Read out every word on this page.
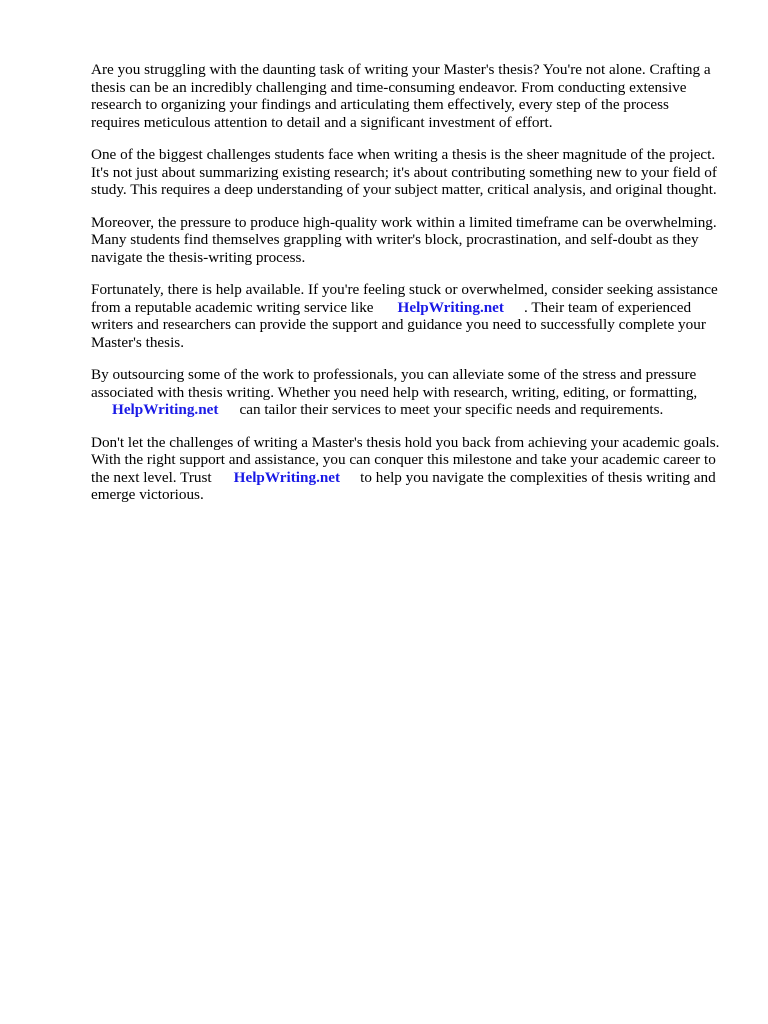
Are you struggling with the daunting task of writing your Master's thesis? You're not alone. Crafting a thesis can be an incredibly challenging and time-consuming endeavor. From conducting extensive research to organizing your findings and articulating them effectively, every step of the process requires meticulous attention to detail and a significant investment of effort.

One of the biggest challenges students face when writing a thesis is the sheer magnitude of the project. It's not just about summarizing existing research; it's about contributing something new to your field of study. This requires a deep understanding of your subject matter, critical analysis, and original thought.

Moreover, the pressure to produce high-quality work within a limited timeframe can be overwhelming. Many students find themselves grappling with writer's block, procrastination, and self-doubt as they navigate the thesis-writing process.

Fortunately, there is help available. If you're feeling stuck or overwhelmed, consider seeking assistance from a reputable academic writing service like HelpWriting.net . Their team of experienced writers and researchers can provide the support and guidance you need to successfully complete your Master's thesis.

By outsourcing some of the work to professionals, you can alleviate some of the stress and pressure associated with thesis writing. Whether you need help with research, writing, editing, or formatting,
HelpWriting.net can tailor their services to meet your specific needs and requirements.

Don't let the challenges of writing a Master's thesis hold you back from achieving your academic goals. With the right support and assistance, you can conquer this milestone and take your academic career to the next level. Trust HelpWriting.net to help you navigate the complexities of thesis writing and emerge victorious.
